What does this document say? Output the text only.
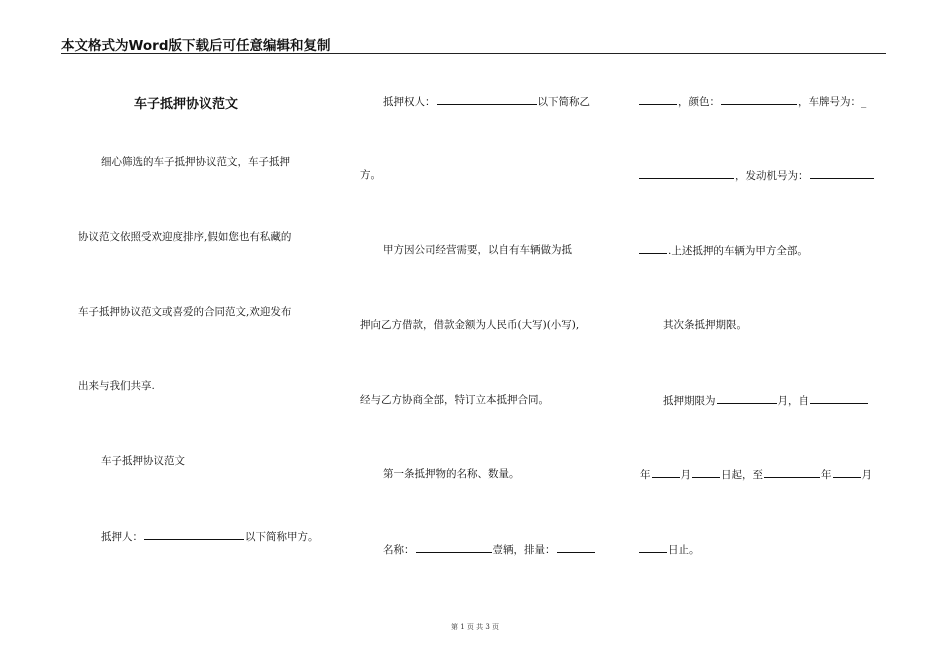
本文格式为Word版下载后可任意编辑和复制
车子抵押协议范文
细心筛选的车子抵押协议范文，车子抵押
协议范文依照受欢迎度排序,假如您也有私藏的
车子抵押协议范文或喜爱的合同范文,欢迎发布
出来与我们共享.
车子抵押协议范文
抵押人：	以下简称甲方。
抵押权人：	以下简称乙
方。
甲方因公司经营需要，以自有车辆做为抵
押向乙方借款，借款金额为人民币(大写)(小写),
经与乙方协商全部，特订立本抵押合同。
第一条抵押物的名称、数量。
名称：	壹辆，排量：
，颜色：	，车牌号为：_
，发动机号为：
.上述抵押的车辆为甲方全部。
其次条抵押期限。
抵押期限为	月，自
年	月	日起，至	年	月
日止。
第 1 页 共 3 页
